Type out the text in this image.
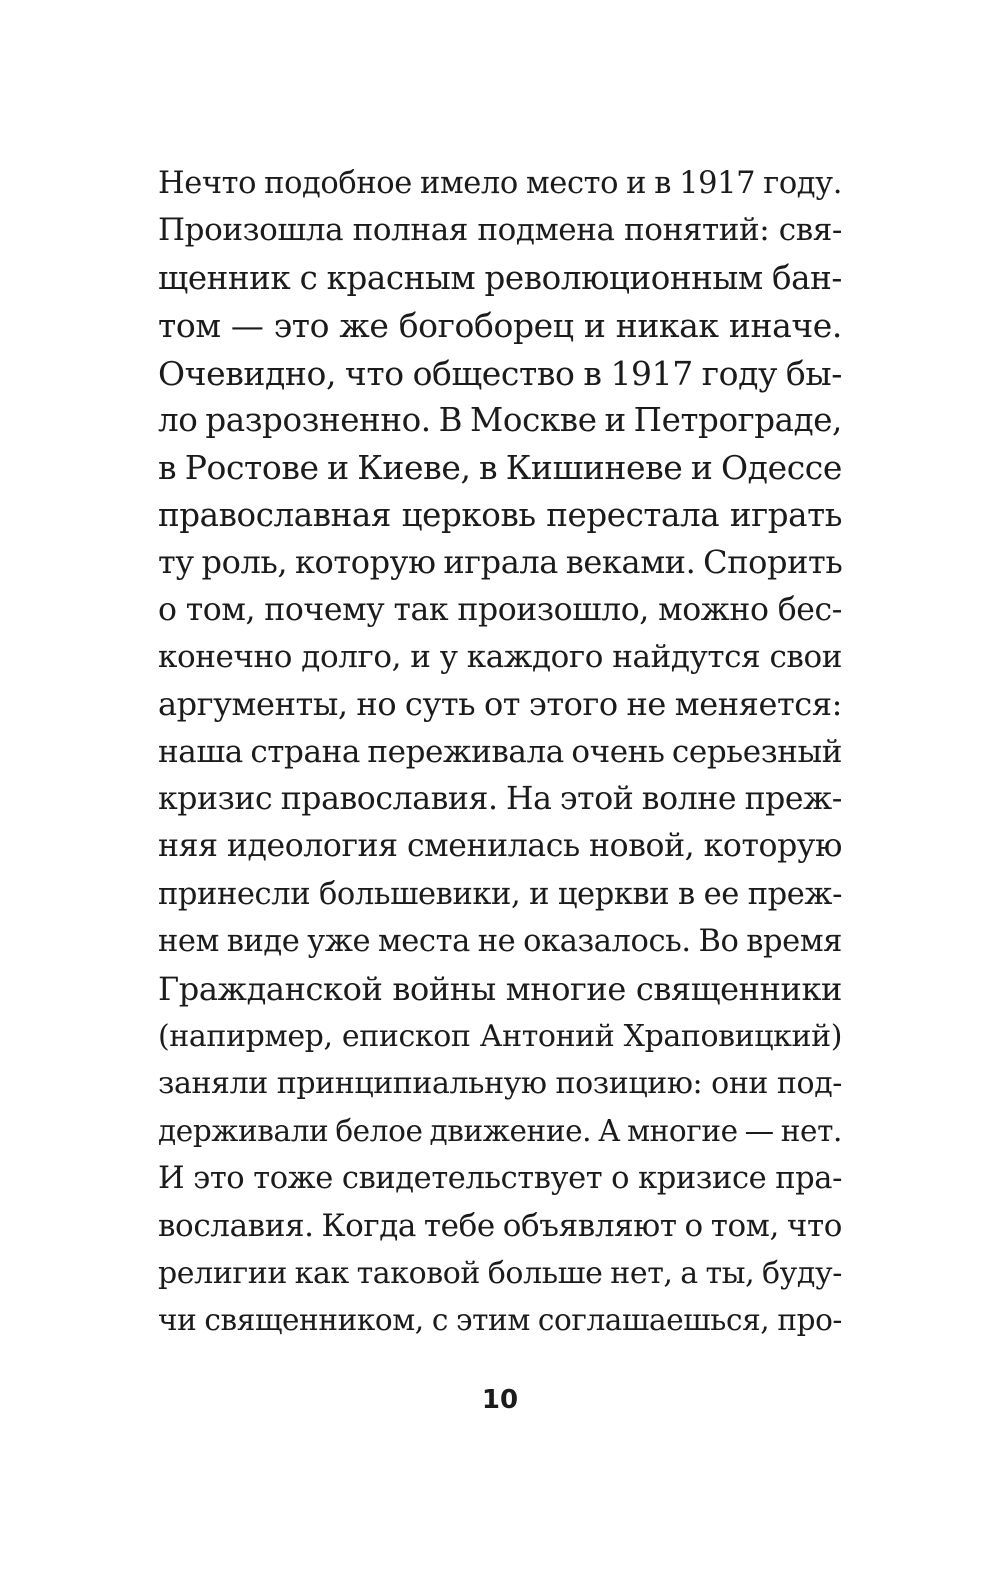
Нечто подобное имело место и в 1917 году.
Произошла полная подмена понятий: свя-
щенник с красным революционным бан-
том — это же богоборец и никак иначе.
Очевидно, что общество в 1917 году бы-
ло разрозненно. В Москве и Петрограде,
в Ростове и Киеве, в Кишиневе и Одессе
православная церковь перестала играть
ту роль, которую играла веками. Спорить
о том, почему так произошло, можно бес-
конечно долго, и у каждого найдутся свои
аргументы, но суть от этого не меняется:
наша страна переживала очень серьезный
кризис православия. На этой волне преж-
няя идеология сменилась новой, которую
принесли большевики, и церкви в ее преж-
нем виде уже места не оказалось. Во время
Гражданской войны многие священники
(напирмер, епископ Антоний Храповицкий)
заняли принципиальную позицию: они под-
держивали белое движение. А многие — нет.
И это тоже свидетельствует о кризисе пра-
вославия. Когда тебе объявляют о том, что
религии как таковой больше нет, а ты, буду-
чи священником, с этим соглашаешься, про-
10
